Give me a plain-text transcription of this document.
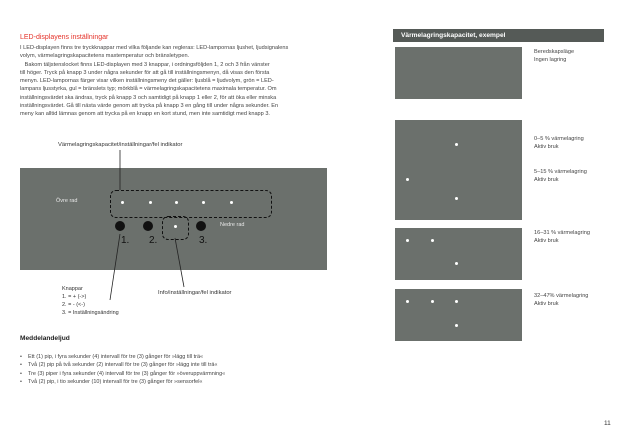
LED-displayens inställningar

I LED-displayen finns tre tryckknappar med vilka följande kan regleras: LED-lampornas ljushet, ljudsignalens

volym, värmelagringskapacitetens maxtemperatur och bränsletypen.

Bakom täljstenslocket finns LED-displayen med 3 knappar, i ordningsföljden 1, 2 och 3 från vänster

till höger. Tryck på knapp 3 under några sekunder för att gå till inställningsmenyn, då visas den första

menyn. LED-lampornas färger visar vilken inställningsmeny det gäller: ljusblå = ljudvolym, grön = LED-

lampans ljusstyrka, gul = bränslets typ; mörkblå = värmelagringskapacitetens maximala temperatur. Om

inställningsvärdet ska ändras, tryck på knapp 3 och samtidigt på knapp 1 eller 2, för att öka eller minska

inställningsvärdet. Gå till nästa värde genom att trycka på knapp 3 en gång till under några sekunder. En

meny kan alltid lämnas genom att trycka på en knapp en kort stund, men inte samtidigt med knapp 3.

Värmelagringskapacitet/inställningar/fel indikator
Övre rad
Nedre rad
1. 2.	3.
Knappar
1. = + (->)
2. = - (<-)
3. = Inställningsändring
Info/inställningar/fel indikator
Meddelandeljud
• Ett (1) pip, i fyra sekunder (4) intervall för tre (3) gånger för »lägg till trä«
• Två (2) pip på två sekunder (2) intervall för tre (3) gånger för »lägg inte till trä«
• Tre (3) piper i fyra sekunder (4) intervall för tre (3) gånger för »överuppvärmning«
• Två (2) pip, i tio sekunder (10) intervall för tre (3) gånger för »sensorfel«
Värmelagringskapacitet, exempel
Beredskapsläge
Ingen lagring
0–5 % värmelagring
Aktiv bruk
5–15 % värmelagring
Aktiv bruk
16–31 % värmelagring
Aktiv bruk
32–47% värmelagring
Aktiv bruk
11
